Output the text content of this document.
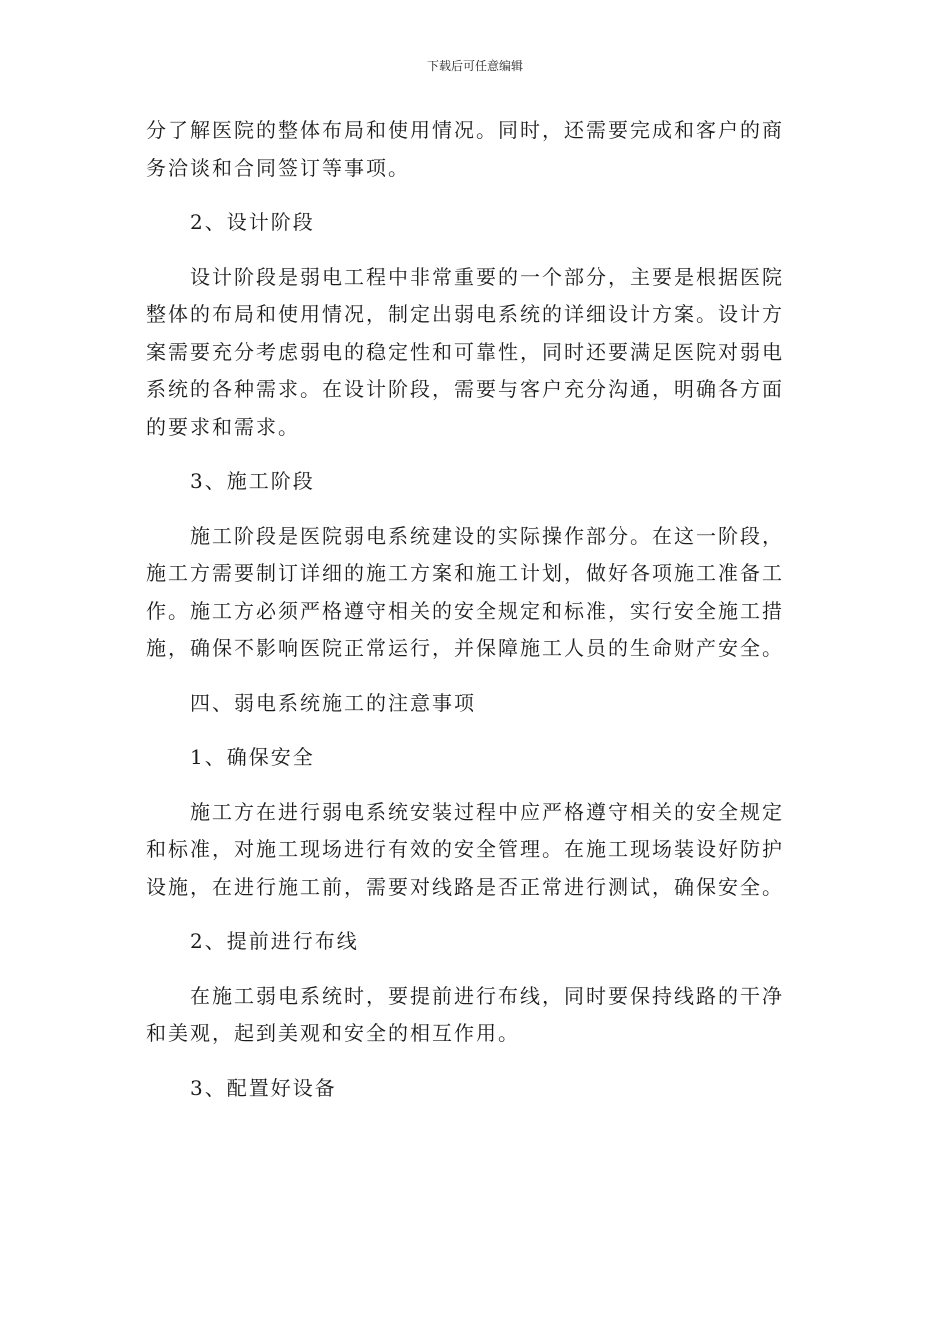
下载后可任意编辑

分了解医院的整体布局和使用情况。同时，还需要完成和客户的商务洽谈和合同签订等事项。

2、设计阶段

设计阶段是弱电工程中非常重要的一个部分，主要是根据医院整体的布局和使用情况，制定出弱电系统的详细设计方案。设计方案需要充分考虑弱电的稳定性和可靠性，同时还要满足医院对弱电系统的各种需求。在设计阶段，需要与客户充分沟通，明确各方面的要求和需求。

3、施工阶段

施工阶段是医院弱电系统建设的实际操作部分。在这一阶段，施工方需要制订详细的施工方案和施工计划，做好各项施工准备工作。施工方必须严格遵守相关的安全规定和标准，实行安全施工措施，确保不影响医院正常运行，并保障施工人员的生命财产安全。

四、弱电系统施工的注意事项

1、确保安全

施工方在进行弱电系统安装过程中应严格遵守相关的安全规定和标准，对施工现场进行有效的安全管理。在施工现场装设好防护设施，在进行施工前，需要对线路是否正常进行测试，确保安全。

2、提前进行布线

在施工弱电系统时，要提前进行布线，同时要保持线路的干净和美观，起到美观和安全的相互作用。

3、配置好设备
